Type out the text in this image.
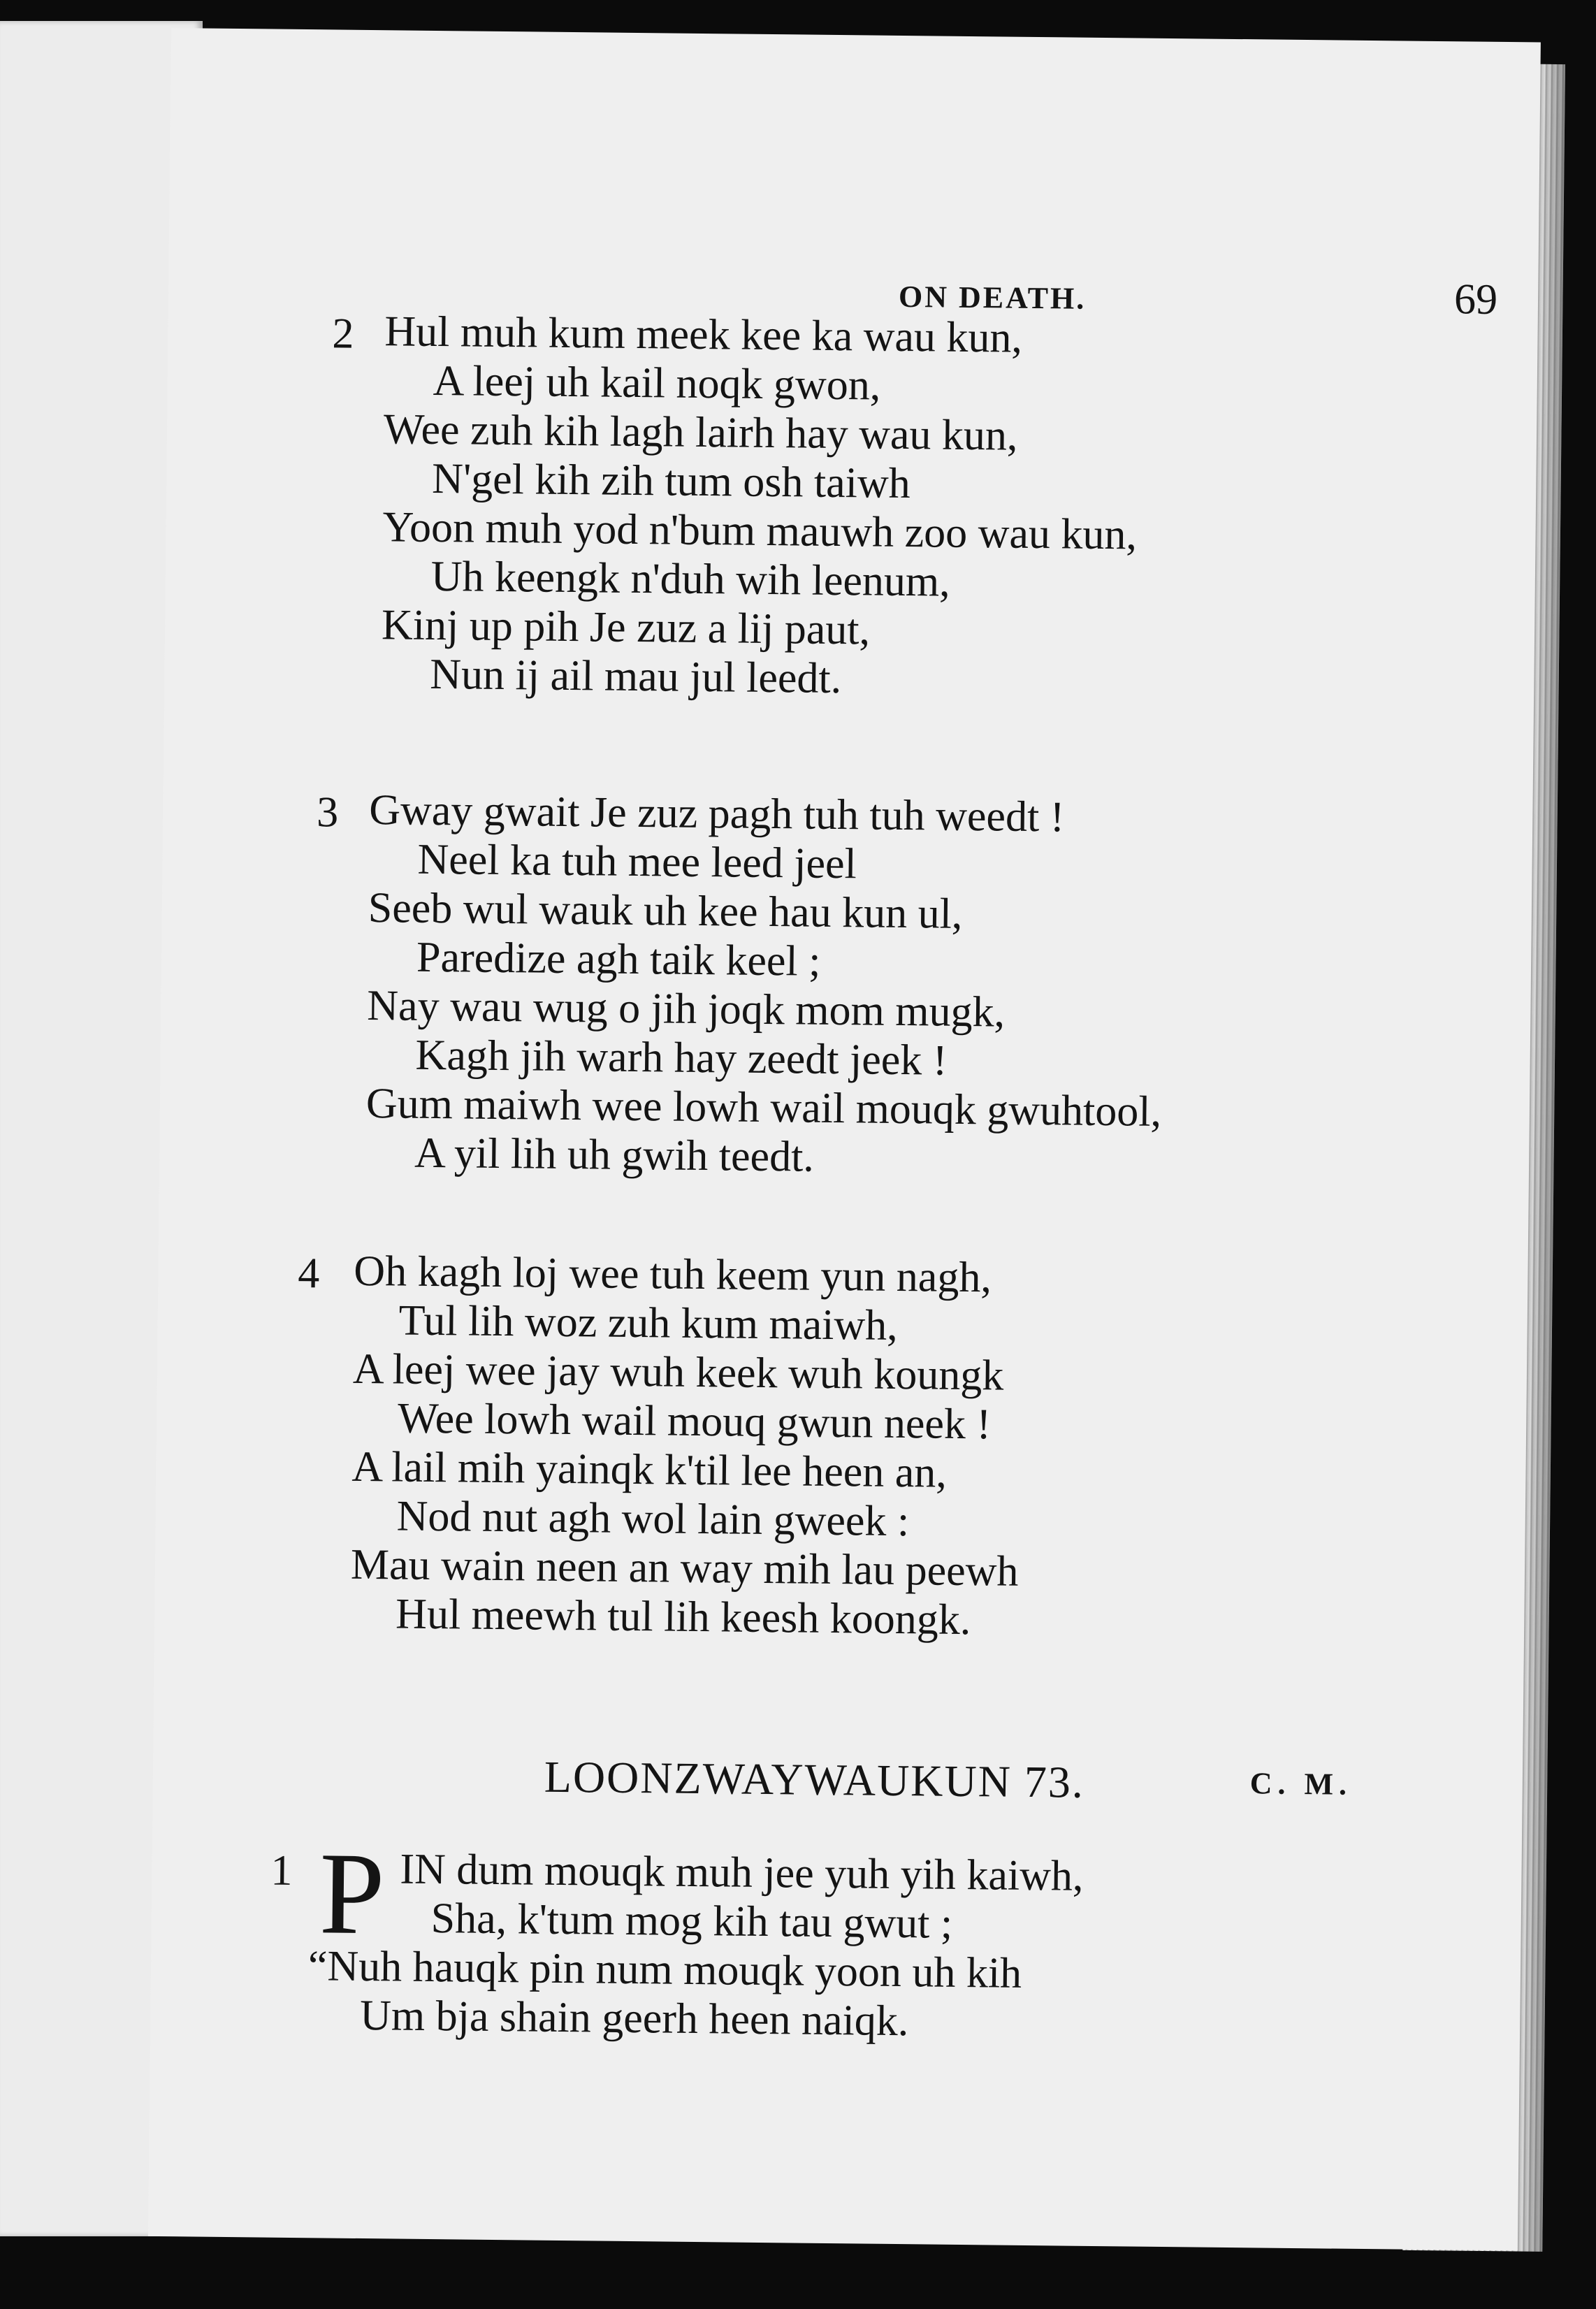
ON DEATH.	69
2 Hul muh kum meek kee ka wau kun,
A leej uh kail noqk gwon,
Wee zuh kih lagh lairh hay wau kun,
N'gel kih zih tum osh taiwh
Yoon muh yod n'bum mauwh zoo wau kun,
Uh keengk n'duh wih leenum,
Kinj up pih Je zuz a lij paut,
Nun ij ail mau jul leedt.
3 Gway gwait Je zuz pagh tuh tuh weedt !
Neel ka tuh mee leed jeel
Seeb wul wauk uh kee hau kun ul,
Paredize agh taik keel ;
Nay wau wug o jih joqk mom mugk,
Kagh jih warh hay zeedt jeek !
Gum maiwh wee lowh wail mouqk gwuhtool,
A yil lih uh gwih teedt.
4 Oh kagh loj wee tuh keem yun nagh,
Tul lih woz zuh kum maiwh,
A leej wee jay wuh keek wuh koungk
Wee lowh wail mouq gwun neek !
A lail mih yainqk k'til lee heen an,
Nod nut agh wol lain gweek :
Mau wain neen an way mih lau peewh
Hul meewh tul lih keesh koongk.
LOONZWAYWAUKUN 73.	C. M.
1 P IN dum mouqk muh jee yuh yih kaiwh,
Sha, k'tum mog kih tau gwut ;
“Nuh hauqk pin num mouqk yoon uh kih
Um bja shain geerh heen naiqk.
